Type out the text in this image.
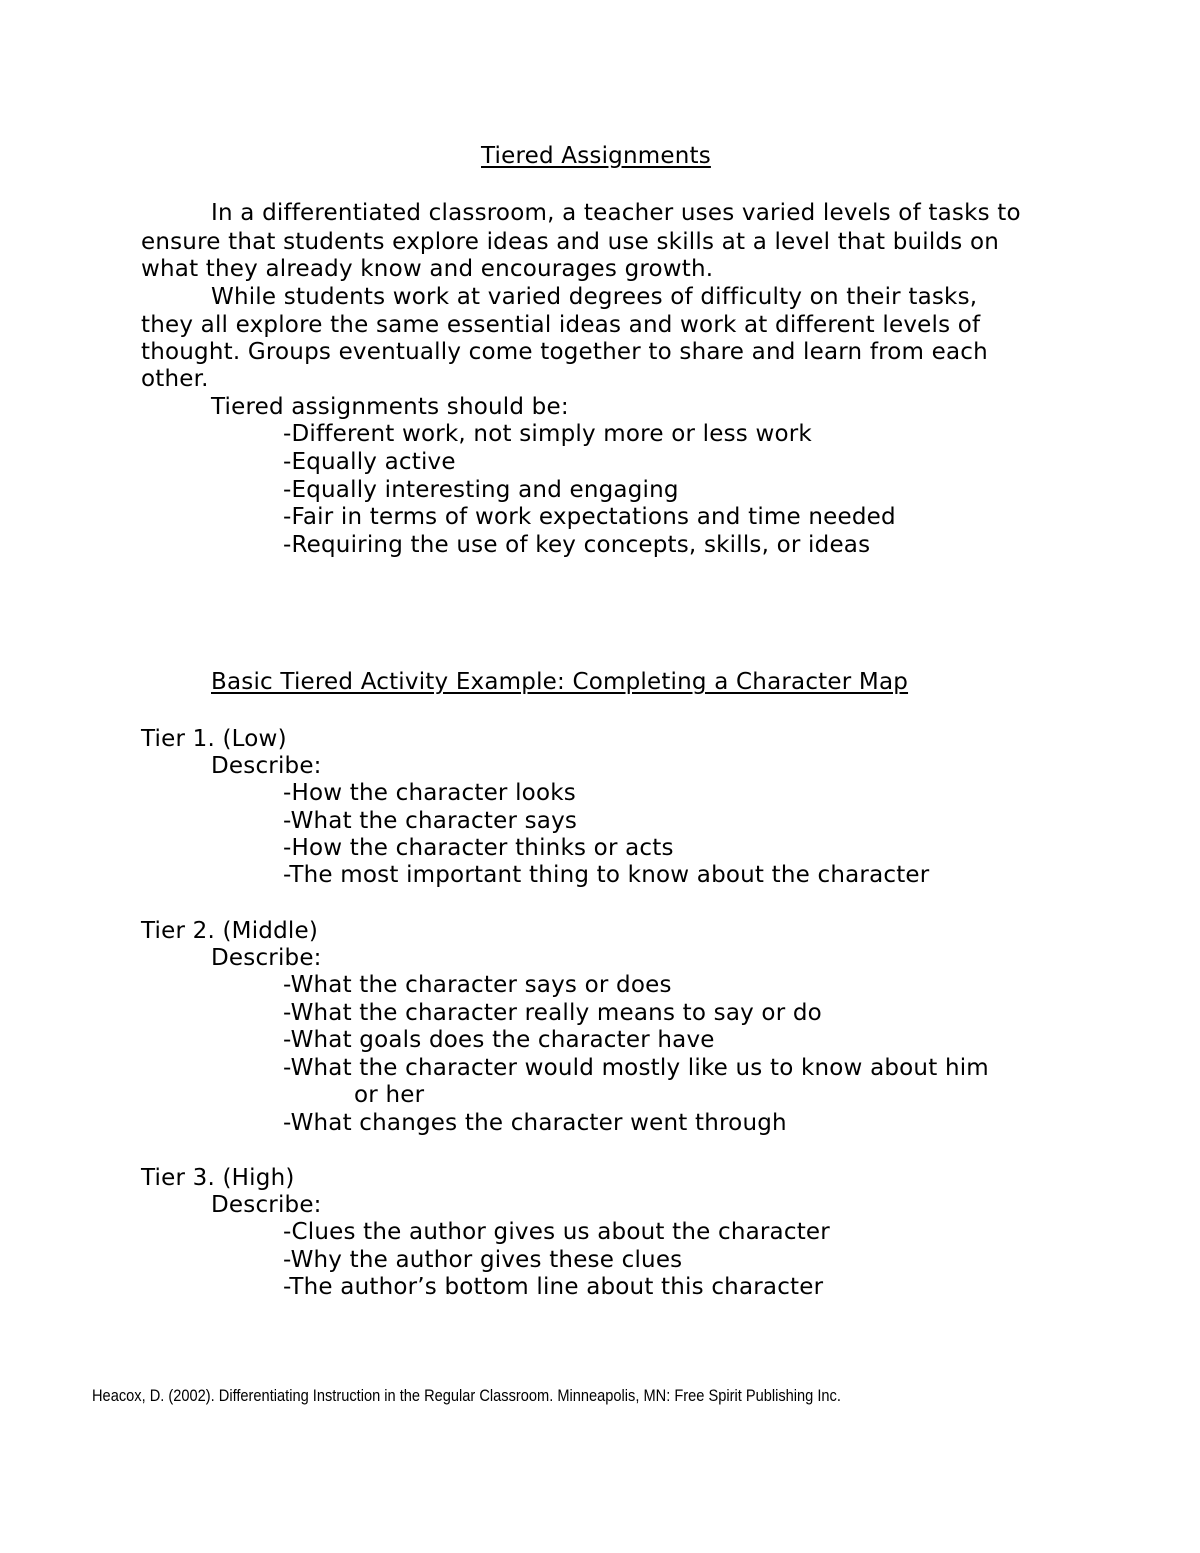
Tiered Assignments
In a differentiated classroom, a teacher uses varied levels of tasks to
ensure that students explore ideas and use skills at a level that builds on
what they already know and encourages growth.
While students work at varied degrees of difficulty on their tasks,
they all explore the same essential ideas and work at different levels of
thought. Groups eventually come together to share and learn from each
other.
Tiered assignments should be:
-Different work, not simply more or less work
-Equally active
-Equally interesting and engaging
-Fair in terms of work expectations and time needed
-Requiring the use of key concepts, skills, or ideas
Basic Tiered Activity Example: Completing a Character Map
Tier 1. (Low)
Describe:
-How the character looks
-What the character says
-How the character thinks or acts
-The most important thing to know about the character
Tier 2. (Middle)
Describe:
-What the character says or does
-What the character really means to say or do
-What goals does the character have
-What the character would mostly like us to know about him
or her
-What changes the character went through
Tier 3. (High)
Describe:
-Clues the author gives us about the character
-Why the author gives these clues
-The author’s bottom line about this character
Heacox, D. (2002). Differentiating Instruction in the Regular Classroom. Minneapolis, MN: Free Spirit Publishing Inc.
